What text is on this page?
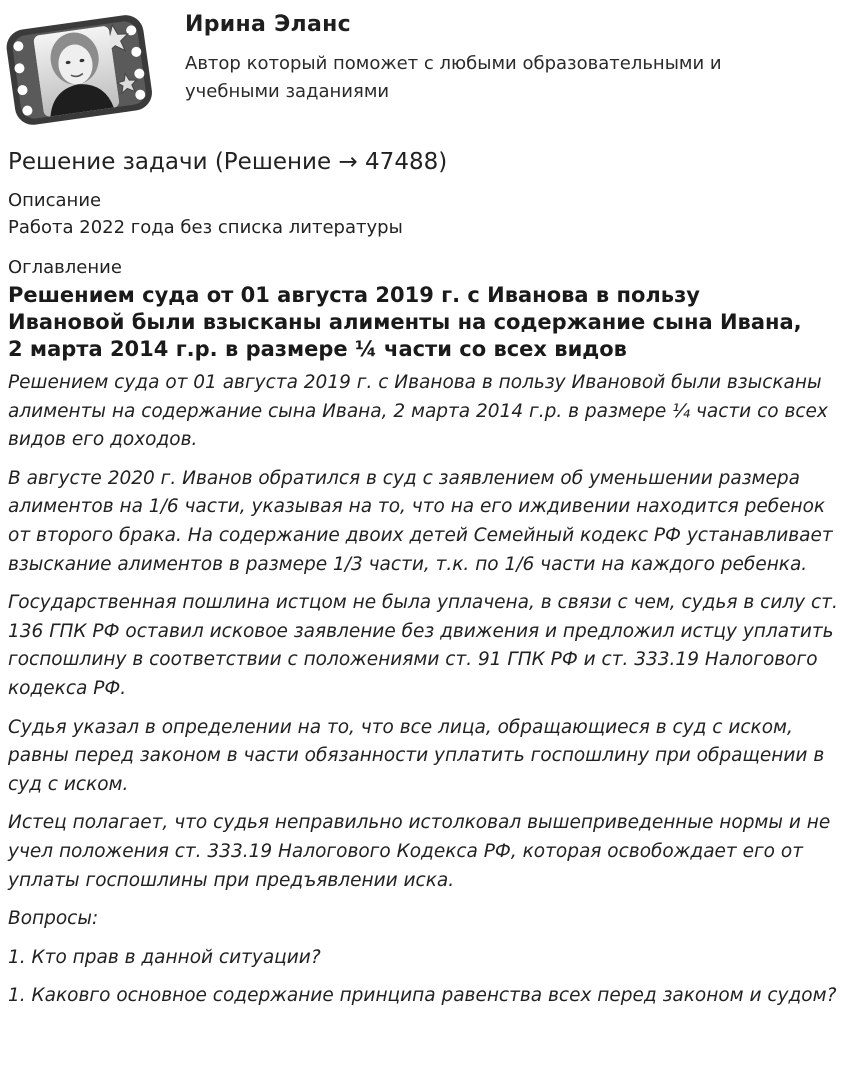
Ирина Эланс

Автор который поможет с любыми образовательными и учебными заданиями

Решение задачи (Решение → 47488)
Описание
Работа 2022 года без списка литературы
Оглавление
Решением суда от 01 августа 2019 г. с Иванова в пользу Ивановой были взысканы алименты на содержание сына Ивана, 2 марта 2014 г.р. в размере ¼ части со всех видов

Решением суда от 01 августа 2019 г. с Иванова в пользу Ивановой были взысканы алименты на содержание сына Ивана, 2 марта 2014 г.р. в размере ¼ части со всех видов его доходов.

В августе 2020 г. Иванов обратился в суд с заявлением об уменьшении размера алиментов на 1/6 части, указывая на то, что на его иждивении находится ребенок от второго брака. На содержание двоих детей Семейный кодекс РФ устанавливает взыскание алиментов в размере 1/3 части, т.к. по 1/6 части на каждого ребенка.

Государственная пошлина истцом не была уплачена, в связи с чем, судья в силу ст. 136 ГПК РФ оставил исковое заявление без движения и предложил истцу уплатить госпошлину в соответствии с положениями ст. 91 ГПК РФ и ст. 333.19 Налогового кодекса РФ.

Судья указал в определении на то, что все лица, обращающиеся в суд с иском, равны перед законом в части обязанности уплатить госпошлину при обращении в суд с иском.

Истец полагает, что судья неправильно истолковал вышеприведенные нормы и не учел положения ст. 333.19 Налогового Кодекса РФ, которая освобождает его от уплаты госпошлины при предъявлении иска.

Вопросы:

1. Кто прав в данной ситуации?

1. Каковго основное содержание принципа равенства всех перед законом и судом?
